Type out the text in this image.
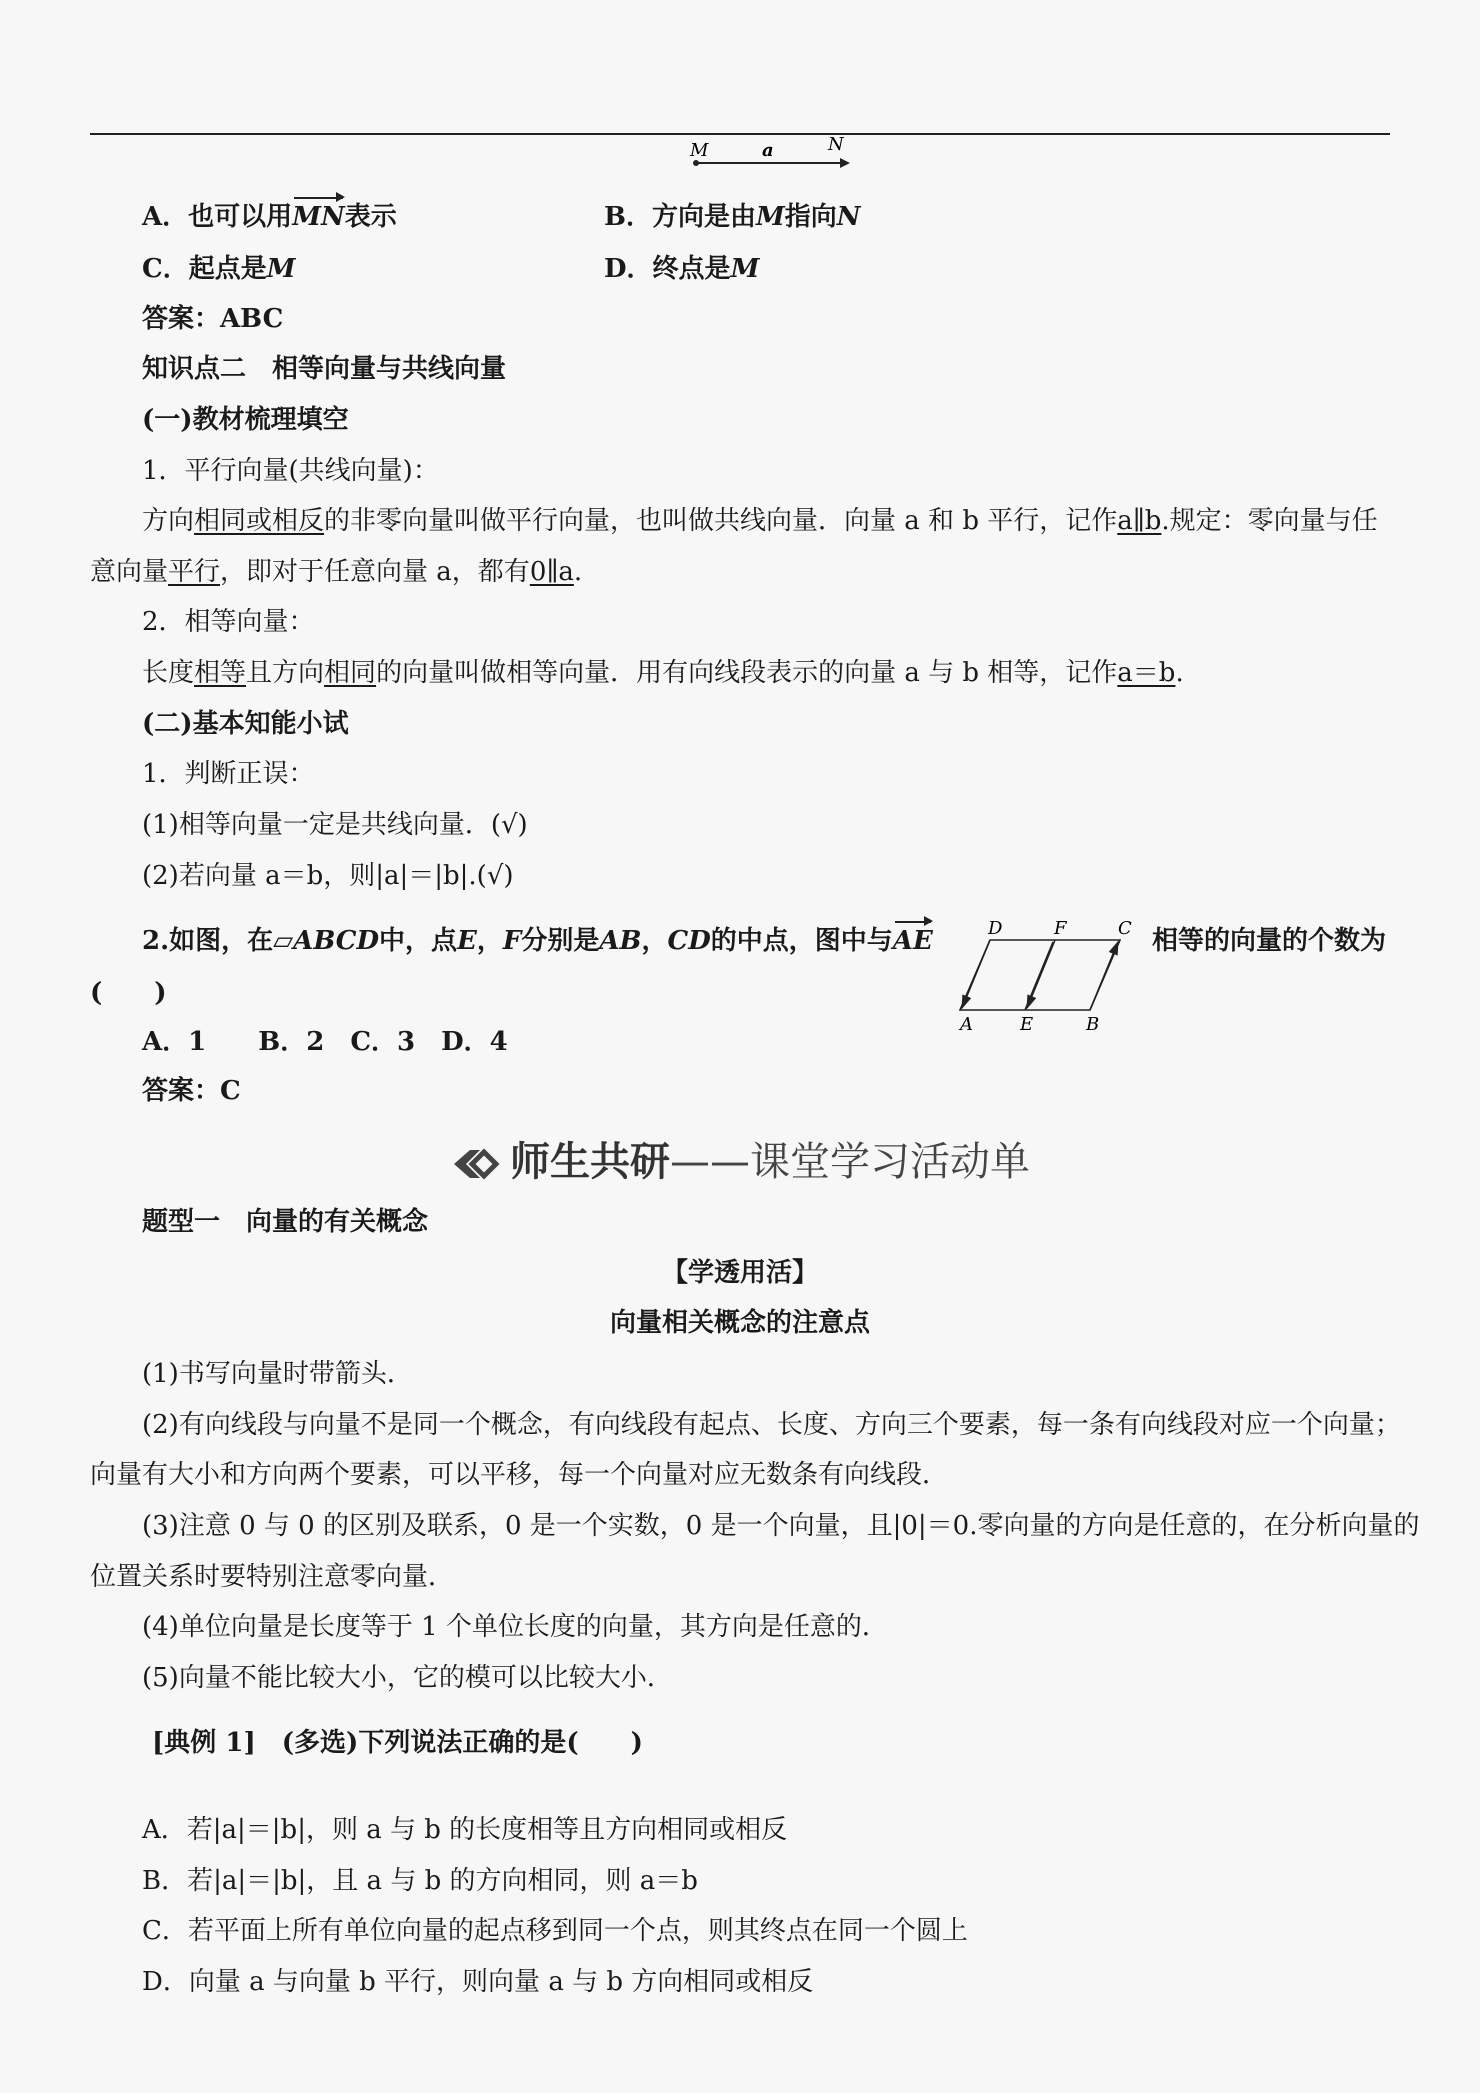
M	a	N
A．也可以用MN表示	B．方向是由M指向N
C．起点是M	D．终点是M
答案：ABC
知识点二　相等向量与共线向量
(一)教材梳理填空
1．平行向量(共线向量)：
方向相同或相反的非零向量叫做平行向量，也叫做共线向量．向量 a 和 b 平行，记作a∥b.规定：零向量与任
意向量平行，即对于任意向量 a，都有0∥a.
2．相等向量：
长度相等且方向相同的向量叫做相等向量．用有向线段表示的向量 a 与 b 相等，记作a＝b.
(二)基本知能小试
1．判断正误：
(1)相等向量一定是共线向量．(√)
(2)若向量 a＝b，则|a|＝|b|.(√)
2.如图，在▱ABCD中，点E，F分别是AB，CD的中点，图中与AE	相等的向量的个数为
(　　)
A．1　　B．2　C．3　D．4
答案：C
D	F	C
A	E	B
师生共研——课堂学习活动单
题型一　向量的有关概念
【学透用活】
向量相关概念的注意点
(1)书写向量时带箭头．
(2)有向线段与向量不是同一个概念，有向线段有起点、长度、方向三个要素，每一条有向线段对应一个向量；
向量有大小和方向两个要素，可以平移，每一个向量对应无数条有向线段．
(3)注意 0 与 0 的区别及联系，0 是一个实数，0 是一个向量，且|0|＝0.零向量的方向是任意的，在分析向量的
位置关系时要特别注意零向量．
(4)单位向量是长度等于 1 个单位长度的向量，其方向是任意的．
(5)向量不能比较大小，它的模可以比较大小．
[典例 1]　(多选)下列说法正确的是(　　)
A．若|a|＝|b|，则 a 与 b 的长度相等且方向相同或相反
B．若|a|＝|b|，且 a 与 b 的方向相同，则 a＝b
C．若平面上所有单位向量的起点移到同一个点，则其终点在同一个圆上
D．向量 a 与向量 b 平行，则向量 a 与 b 方向相同或相反
